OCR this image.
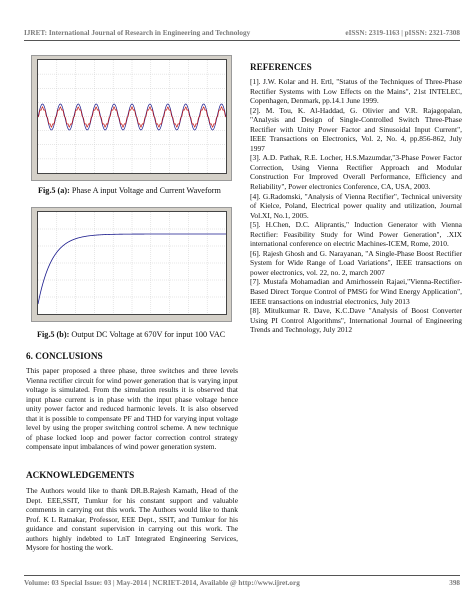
IJRET: International Journal of Research in Engineering and Technology	eISSN: 2319-1163 | pISSN: 2321-7308
Fig.5 (a): Phase A input Voltage and Current Waveform
Fig.5 (b): Output DC Voltage at 670V for input 100 VAC
6. CONCLUSIONS
This paper proposed a three phase, three switches and three levels Vienna rectifier circuit for wind power generation that is varying input voltage is simulated. From the simulation results it is observed that input phase current is in phase with the input phase voltage hence unity power factor and reduced harmonic levels. It is also observed that it is possible to compensate PF and THD for varying input voltage level by using the proper switching control scheme. A new technique of phase locked loop and power factor correction control strategy compensate input imbalances of wind power generation system.
ACKNOWLEDGEMENTS
The Authors would like to thank DR.B.Rajesh Kamath, Head of the Dept. EEE,SSIT, Tumkur for his constant support and valuable comments in carrying out this work. The Authors would like to thank Prof. K L Ratnakar, Professor, EEE Dept., SSIT, and Tumkur for his guidance and constant supervision in carrying out this work. The authors highly indebted to LnT Integrated Engineering Services, Mysore for hosting the work.
REFERENCES

[1]. J.W. Kolar and H. Ertl, "Status of the Techniques of Three-Phase Rectifier Systems with Low Effects on the Mains", 21st INTELEC, Copenhagen, Denmark, pp.14.1 June 1999.

[2]. M. Tou, K. Al-Haddad, G. Olivier and V.R. Rajagopalan, "Analysis and Design of Single-Controlled Switch Three-Phase Rectifier with Unity Power Factor and Sinusoidal Input Current", IEEE Transactions on Electronics, Vol. 2, No. 4, pp.856-862, July 1997

[3]. A.D. Pathak, R.E. Locher, H.S.Mazumdar,"3-Phase Power Factor Correction, Using Vienna Rectifier Approach and Modular Construction For Improved Overall Performance, Efficiency and Reliability", Power electronics Conference, CA, USA, 2003.

[4]. G.Radomski, "Analysis of Vienna Rectifier", Technical university of Kielce, Poland, Electrical power quality and utilization, Journal Vol.XI, No.1, 2005.

[5]. H.Chen, D.C. Aliprantis," Induction Generator with Vienna Rectifier: Feasibility Study for Wind Power Generation", .XIX international conference on electric Machines-ICEM, Rome, 2010.

[6]. Rajesh Ghosh and G. Narayanan, "A Single-Phase Boost Rectifier System for Wide Range of Load Variations", IEEE transactions on power electronics, vol. 22, no. 2, march 2007

[7]. Mustafa Mohamadian and Amirhossein Rajaei,"Vienna-Rectifier-Based Direct Torque Control of PMSG for Wind Energy Application", IEEE transactions on industrial electronics, July 2013

[8]. Mitulkumar R. Dave, K.C.Dave "Analysis of Boost Converter Using PI Control Algorithms", International Journal of Engineering Trends and Technology, July 2012

Volume: 03 Special Issue: 03 | May-2014 | NCRIET-2014, Available @ http://www.ijret.org	398
